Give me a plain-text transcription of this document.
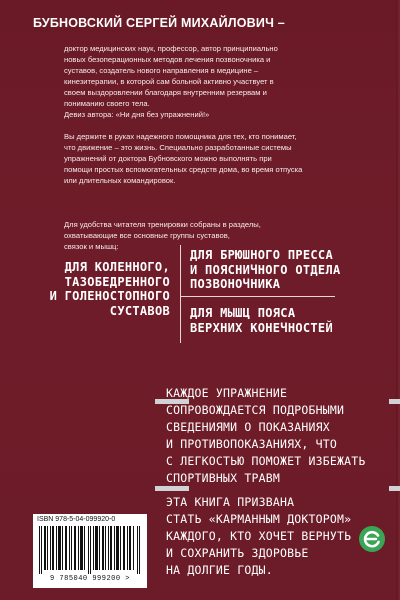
БУБНОВСКИЙ СЕРГЕЙ МИХАЙЛОВИЧ –
доктор медицинских наук, профессор, автор принципиально
новых безоперационных методов лечения позвоночника и
суставов, создатель нового направления в медицине –
кинезитерапии, в которой сам больной активно участвует в
своем выздоровлении благодаря внутренним резервам и
пониманию своего тела.
Девиз автора: «Ни дня без упражнений!»
Вы держите в руках надежного помощника для тех, кто понимает,
что движение – это жизнь. Специально разработанные системы
упражнений от доктора Бубновского можно выполнять при
помощи простых вспомогательных средств дома, во время отпуска
или длительных командировок.
Для удобства читателя тренировки собраны в разделы,
охватывающие все основные группы суставов,
связок и мышц:
ДЛЯ КОЛЕННОГО,
ТАЗОБЕДРЕННОГО
И ГОЛЕНОСТОПНОГО
СУСТАВОВ
ДЛЯ БРЮШНОГО ПРЕССА
И ПОЯСНИЧНОГО ОТДЕЛА
ПОЗВОНОЧНИКА
ДЛЯ МЫШЦ ПОЯСА
ВЕРХНИХ КОНЕЧНОСТЕЙ
КАЖДОЕ УПРАЖНЕНИЕ
СОПРОВОЖДАЕТСЯ ПОДРОБНЫМИ
СВЕДЕНИЯМИ О ПОКАЗАНИЯХ
И ПРОТИВОПОКАЗАНИЯХ, ЧТО
С ЛЕГКОСТЬЮ ПОМОЖЕТ ИЗБЕЖАТЬ
СПОРТИВНЫХ ТРАВМ
ЭТА КНИГА ПРИЗВАНА
СТАТЬ «КАРМАННЫМ ДОКТОРОМ»
КАЖДОГО, КТО ХОЧЕТ ВЕРНУТЬ
И СОХРАНИТЬ ЗДОРОВЬЕ
НА ДОЛГИЕ ГОДЫ.
ISBN 978-5-04-099920-0
9 785040 999200 >
